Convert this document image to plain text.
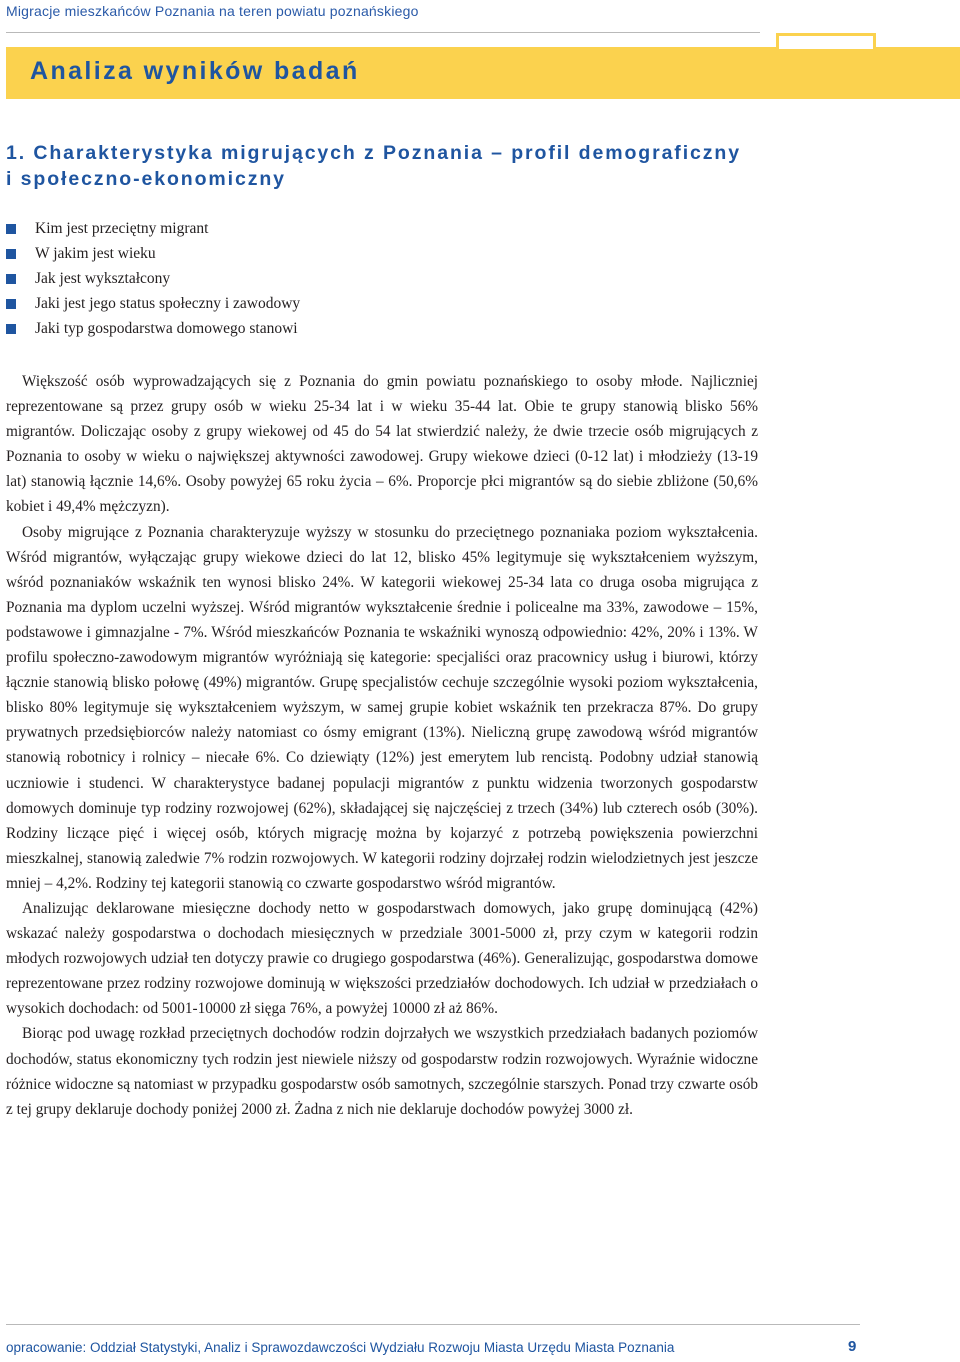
Migracje mieszkańców Poznania na teren powiatu poznańskiego
Analiza wyników badań
1. Charakterystyka migrujących z Poznania – profil demograficzny
i społeczno-ekonomiczny
Kim jest przeciętny migrant
W jakim jest wieku
Jak jest wykształcony
Jaki jest jego status społeczny i zawodowy
Jaki typ gospodarstwa domowego stanowi

Większość osób wyprowadzających się z Poznania do gmin powiatu poznańskiego to osoby młode. Najliczniej reprezentowane są przez grupy osób w wieku 25-34 lat i w wieku 35-44 lat. Obie te grupy stanowią blisko 56% migrantów. Doliczając osoby z grupy wiekowej od 45 do 54 lat stwierdzić należy, że dwie trzecie osób migrujących z Poznania to osoby w wieku o największej aktywności zawodowej. Grupy wiekowe dzieci (0-12 lat) i młodzieży (13-19 lat) stanowią łącznie 14,6%. Osoby powyżej 65 roku życia – 6%. Proporcje płci migrantów są do siebie zbliżone (50,6% kobiet i 49,4% mężczyzn).

Osoby migrujące z Poznania charakteryzuje wyższy w stosunku do przeciętnego poznaniaka poziom wykształcenia. Wśród migrantów, wyłączając grupy wiekowe dzieci do lat 12, blisko 45% legitymuje się wykształceniem wyższym, wśród poznaniaków wskaźnik ten wynosi blisko 24%. W kategorii wiekowej 25-34 lata co druga osoba migrująca z Poznania ma dyplom uczelni wyższej. Wśród migrantów wykształcenie średnie i policealne ma 33%, zawodowe – 15%, podstawowe i gimnazjalne - 7%. Wśród mieszkańców Poznania te wskaźniki wynoszą odpowiednio: 42%, 20% i 13%. W profilu społeczno-zawodowym migrantów wyróżniają się kategorie: specjaliści oraz pracownicy usług i biurowi, którzy łącznie stanowią blisko połowę (49%) migrantów. Grupę specjalistów cechuje szczególnie wysoki poziom wykształcenia, blisko 80% legitymuje się wykształceniem wyższym, w samej grupie kobiet wskaźnik ten przekracza 87%. Do grupy prywatnych przedsiębiorców należy natomiast co ósmy emigrant (13%). Nieliczną grupę zawodową wśród migrantów stanowią robotnicy i rolnicy – niecałe 6%. Co dziewiąty (12%) jest emerytem lub rencistą. Podobny udział stanowią uczniowie i studenci. W charakterystyce badanej populacji migrantów z punktu widzenia tworzonych gospodarstw domowych dominuje typ rodziny rozwojowej (62%), składającej się najczęściej z trzech (34%) lub czterech osób (30%). Rodziny liczące pięć i więcej osób, których migrację można by kojarzyć z potrzebą powiększenia powierzchni mieszkalnej, stanowią zaledwie 7% rodzin rozwojowych. W kategorii rodziny dojrzałej rodzin wielodzietnych jest jeszcze mniej – 4,2%. Rodziny tej kategorii stanowią co czwarte gospodarstwo wśród migrantów.

Analizując deklarowane miesięczne dochody netto w gospodarstwach domowych, jako grupę dominującą (42%) wskazać należy gospodarstwa o dochodach miesięcznych w przedziale 3001-5000 zł, przy czym w kategorii rodzin młodych rozwojowych udział ten dotyczy prawie co drugiego gospodarstwa (46%). Generalizując, gospodarstwa domowe reprezentowane przez rodziny rozwojowe dominują w większości przedziałów dochodowych. Ich udział w przedziałach o wysokich dochodach: od 5001-10000 zł sięga 76%, a powyżej 10000 zł aż 86%.

Biorąc pod uwagę rozkład przeciętnych dochodów rodzin dojrzałych we wszystkich przedziałach badanych poziomów dochodów, status ekonomiczny tych rodzin jest niewiele niższy od gospodarstw rodzin rozwojowych. Wyraźnie widoczne różnice widoczne są natomiast w przypadku gospodarstw osób samotnych, szczególnie starszych. Ponad trzy czwarte osób z tej grupy deklaruje dochody poniżej 2000 zł. Żadna z nich nie deklaruje dochodów powyżej 3000 zł.

opracowanie: Oddział Statystyki, Analiz i Sprawozdawczości Wydziału Rozwoju Miasta Urzędu Miasta Poznania	9
